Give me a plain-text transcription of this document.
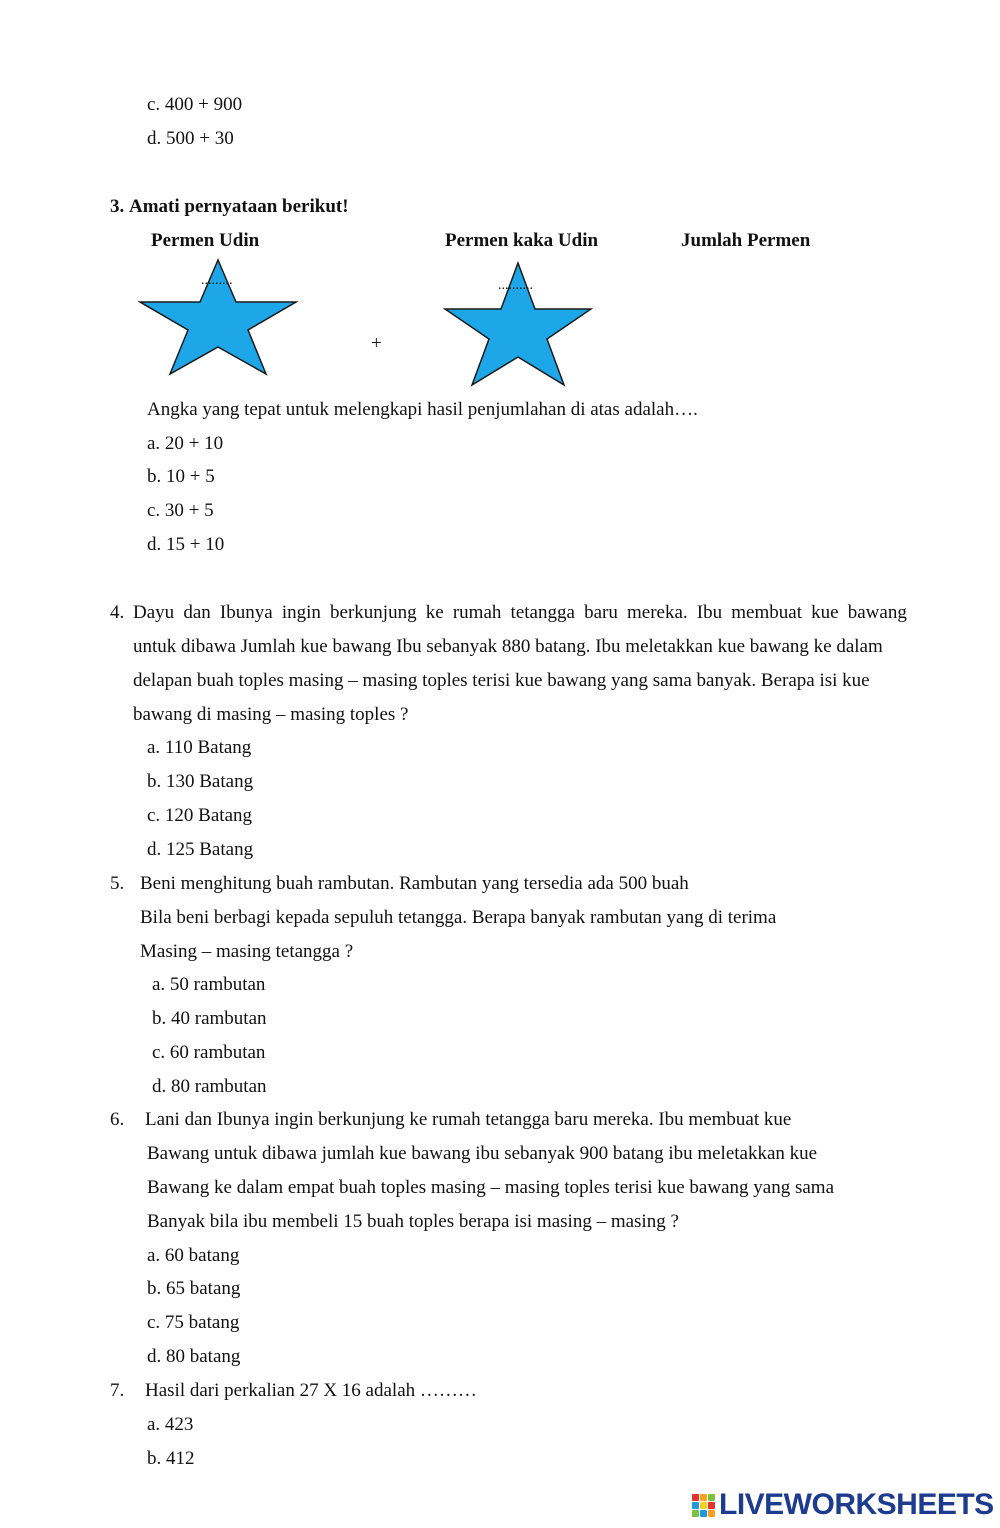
c. 400 + 900
d. 500 + 30
3. Amati pernyataan berikut!
Permen Udin	Permen kaka Udin	Jumlah Permen
.........
+
..........
Angka yang tepat untuk melengkapi hasil penjumlahan di atas adalah….
a. 20 + 10
b. 10 + 5
c. 30 + 5
d. 15 + 10
4. Dayu dan Ibunya ingin berkunjung ke rumah tetangga baru mereka. Ibu membuat kue bawang
untuk dibawa Jumlah kue bawang Ibu sebanyak 880 batang. Ibu meletakkan kue bawang ke dalam
delapan buah toples masing – masing toples terisi kue bawang yang sama banyak. Berapa isi kue
bawang di masing – masing toples ?
a. 110 Batang
b. 130 Batang
c. 120 Batang
d. 125 Batang
5. Beni menghitung buah rambutan. Rambutan yang tersedia ada 500 buah
Bila beni berbagi kepada sepuluh tetangga. Berapa banyak rambutan yang di terima
Masing – masing tetangga ?
a. 50 rambutan
b. 40 rambutan
c. 60 rambutan
d. 80 rambutan
6. Lani dan Ibunya ingin berkunjung ke rumah tetangga baru mereka. Ibu membuat kue
Bawang untuk dibawa jumlah kue bawang ibu sebanyak 900 batang ibu meletakkan kue
Bawang ke dalam empat buah toples masing – masing toples terisi kue bawang yang sama
Banyak bila ibu membeli 15 buah toples berapa isi masing – masing ?
a. 60 batang
b. 65 batang
c. 75 batang
d. 80 batang
7. Hasil dari perkalian 27 X 16 adalah ………
a. 423
b. 412
LIVEWORKSHEETS
